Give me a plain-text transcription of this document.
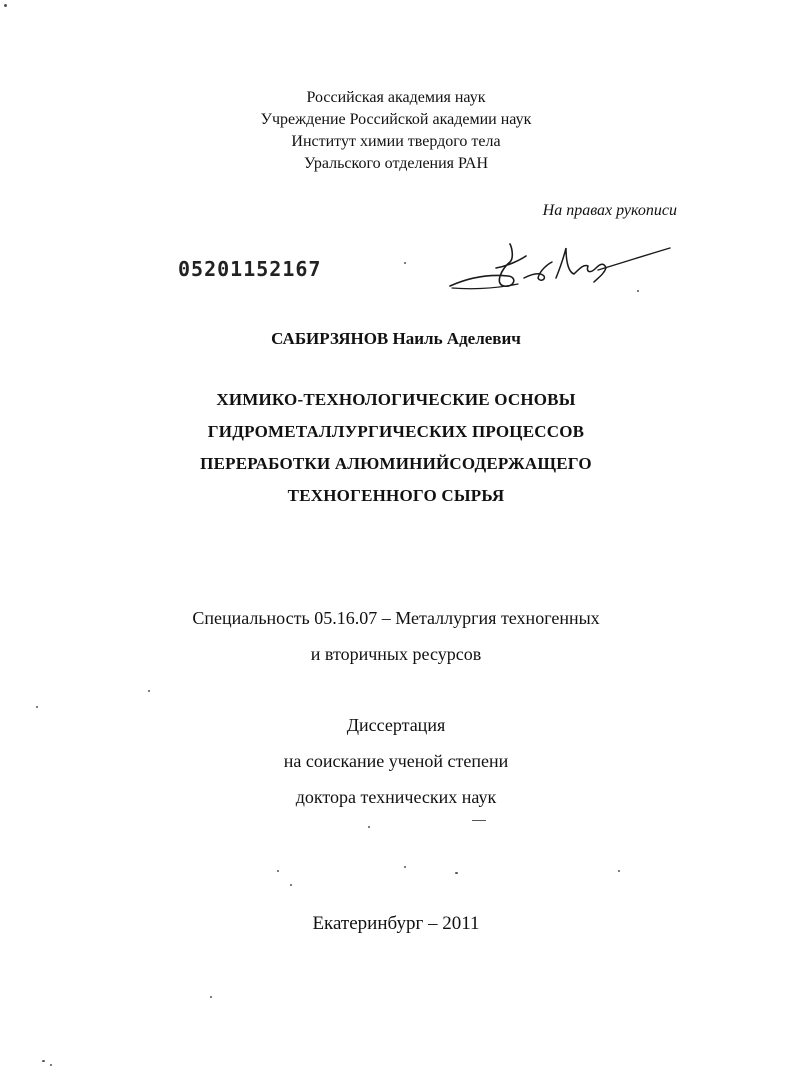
Российская академия наук
Учреждение Российской академии наук
Институт химии твердого тела
Уральского отделения РАН
На правах рукописи
05201152167
САБИРЗЯНОВ Наиль Аделевич
ХИМИКО-ТЕХНОЛОГИЧЕСКИЕ ОСНОВЫ
ГИДРОМЕТАЛЛУРГИЧЕСКИХ ПРОЦЕССОВ
ПЕРЕРАБОТКИ АЛЮМИНИЙСОДЕРЖАЩЕГО
ТЕХНОГЕННОГО СЫРЬЯ
Специальность 05.16.07 – Металлургия техногенных
и вторичных ресурсов
Диссертация
на соискание ученой степени
доктора технических наук
Екатеринбург – 2011
